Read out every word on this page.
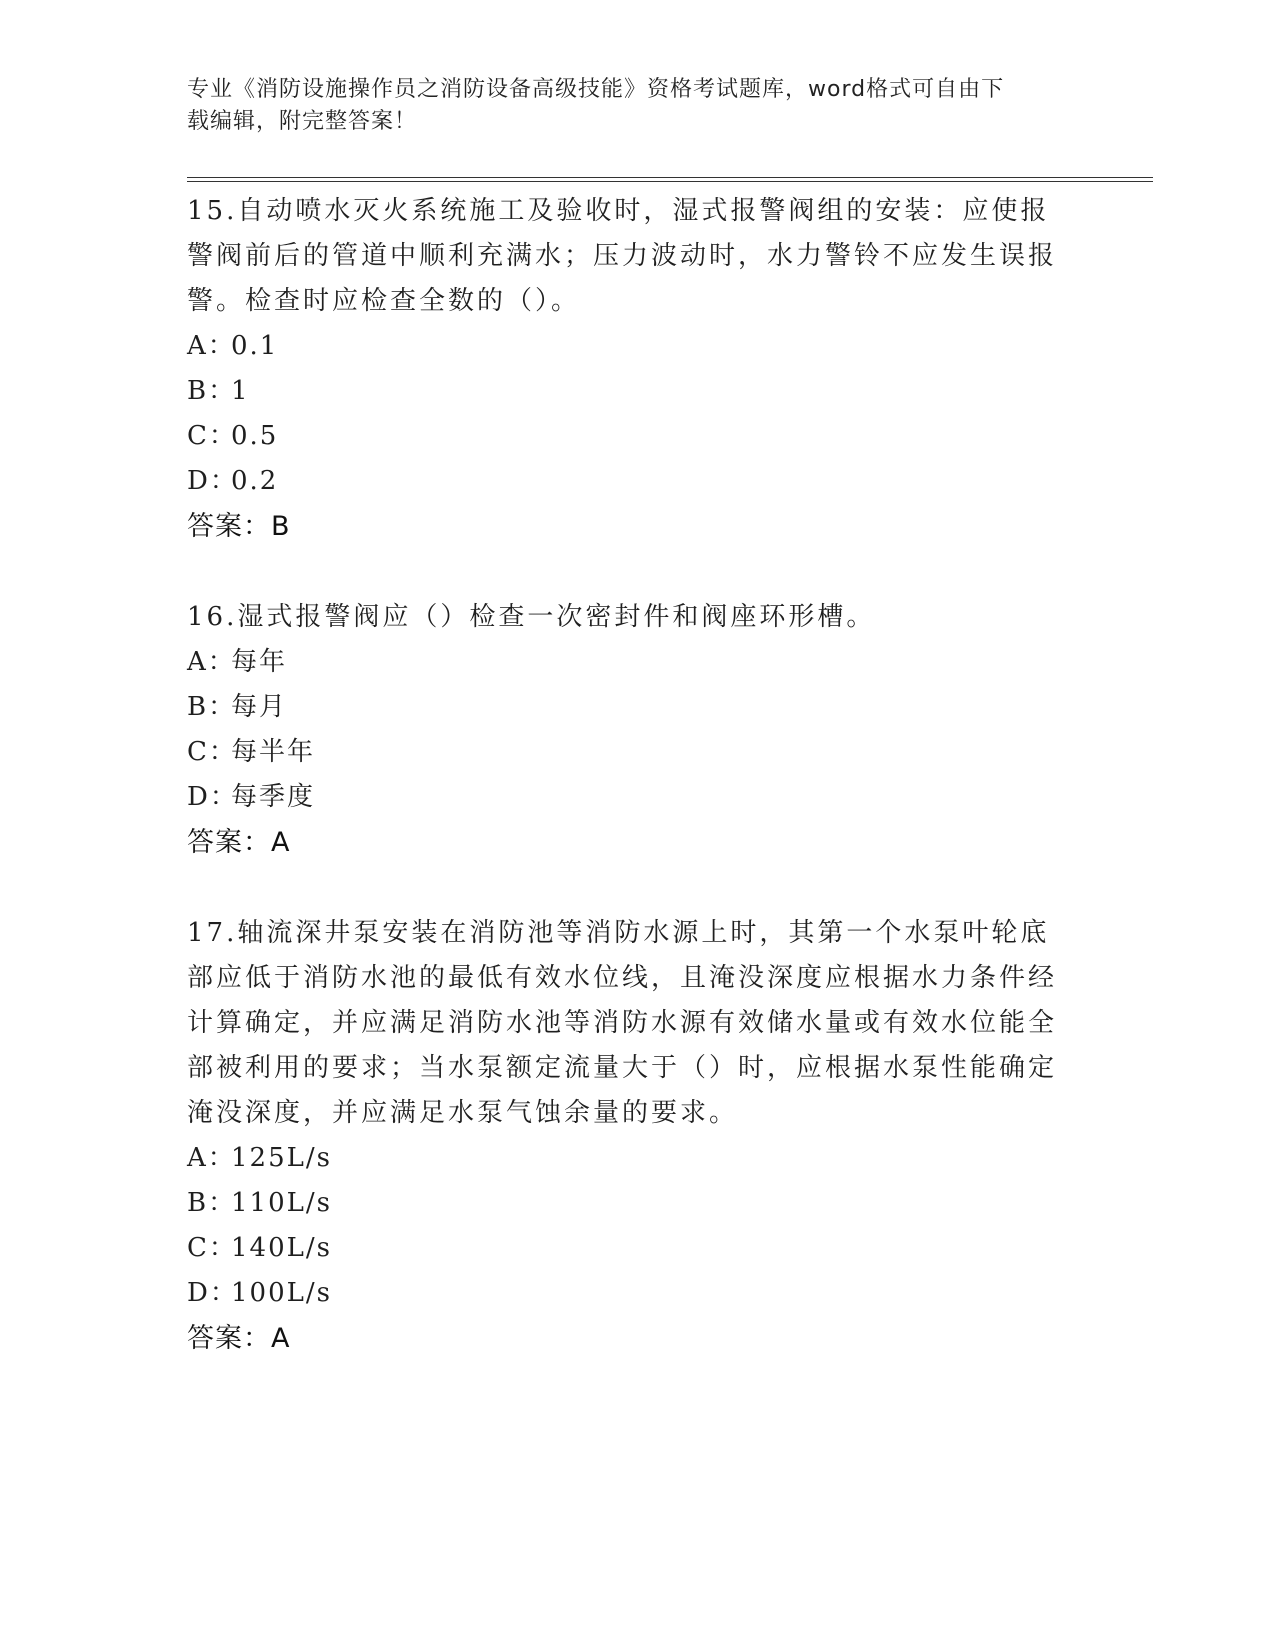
专业《消防设施操作员之消防设备高级技能》资格考试题库，word格式可自由下
载编辑，附完整答案！

15.自动喷水灭火系统施工及验收时，湿式报警阀组的安装：应使报警阀前后的管道中顺利充满水；压力波动时，水力警铃不应发生误报警。检查时应检查全数的（）。

A：0.1
B：1
C：0.5
D：0.2
答案：B

16.湿式报警阀应（）检查一次密封件和阀座环形槽。

A：每年
B：每月
C：每半年
D：每季度
答案：A

17.轴流深井泵安装在消防池等消防水源上时，其第一个水泵叶轮底部应低于消防水池的最低有效水位线，且淹没深度应根据水力条件经计算确定，并应满足消防水池等消防水源有效储水量或有效水位能全部被利用的要求；当水泵额定流量大于（）时，应根据水泵性能确定淹没深度，并应满足水泵气蚀余量的要求。

A：125L/s
B：110L/s
C：140L/s
D：100L/s
答案：A
